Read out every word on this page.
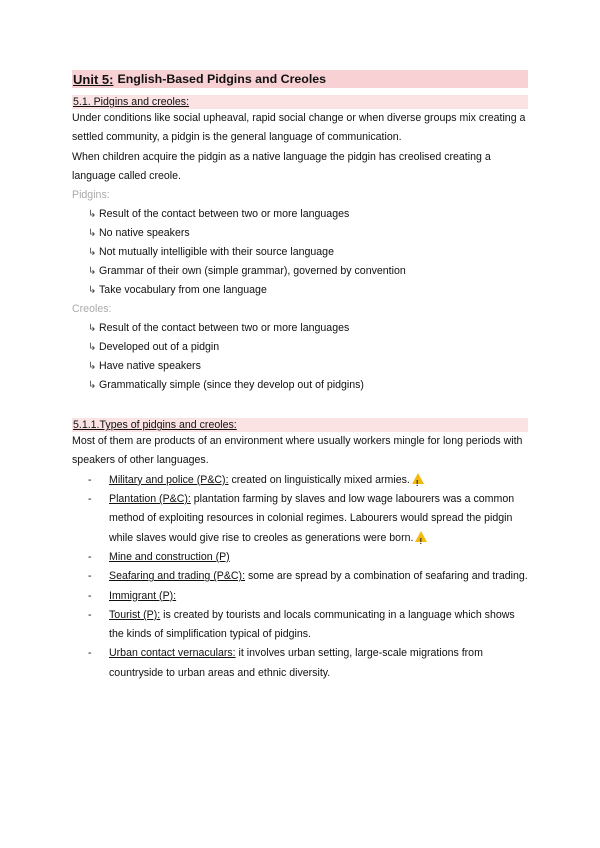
Unit 5: English-Based Pidgins and Creoles
5.1. Pidgins and creoles:

Under conditions like social upheaval, rapid social change or when diverse groups mix creating a settled community, a pidgin is the general language of communication.

When children acquire the pidgin as a native language the pidgin has creolised creating a language called creole.

Pidgins:
↳ Result of the contact between two or more languages
↳ No native speakers
↳ Not mutually intelligible with their source language
↳ Grammar of their own (simple grammar), governed by convention
↳ Take vocabulary from one language
Creoles:
↳ Result of the contact between two or more languages
↳ Developed out of a pidgin
↳ Have native speakers
↳ Grammatically simple (since they develop out of pidgins)
5.1.1.Types of pidgins and creoles:

Most of them are products of an environment where usually workers mingle for long periods with speakers of other languages.

-	Military and police (P&C): created on linguistically mixed armies.!
-	Plantation (P&C): plantation farming by slaves and low wage labourers was a common method of exploiting resources in colonial regimes. Labourers would spread the pidgin while slaves would give rise to creoles as generations were born.!
-	Mine and construction (P)
-	Seafaring and trading (P&C): some are spread by a combination of seafaring and trading.
-	Immigrant (P):
-	Tourist (P): is created by tourists and locals communicating in a language which shows the kinds of simplification typical of pidgins.
-	Urban contact vernaculars: it involves urban setting, large-scale migrations from countryside to urban areas and ethnic diversity.
